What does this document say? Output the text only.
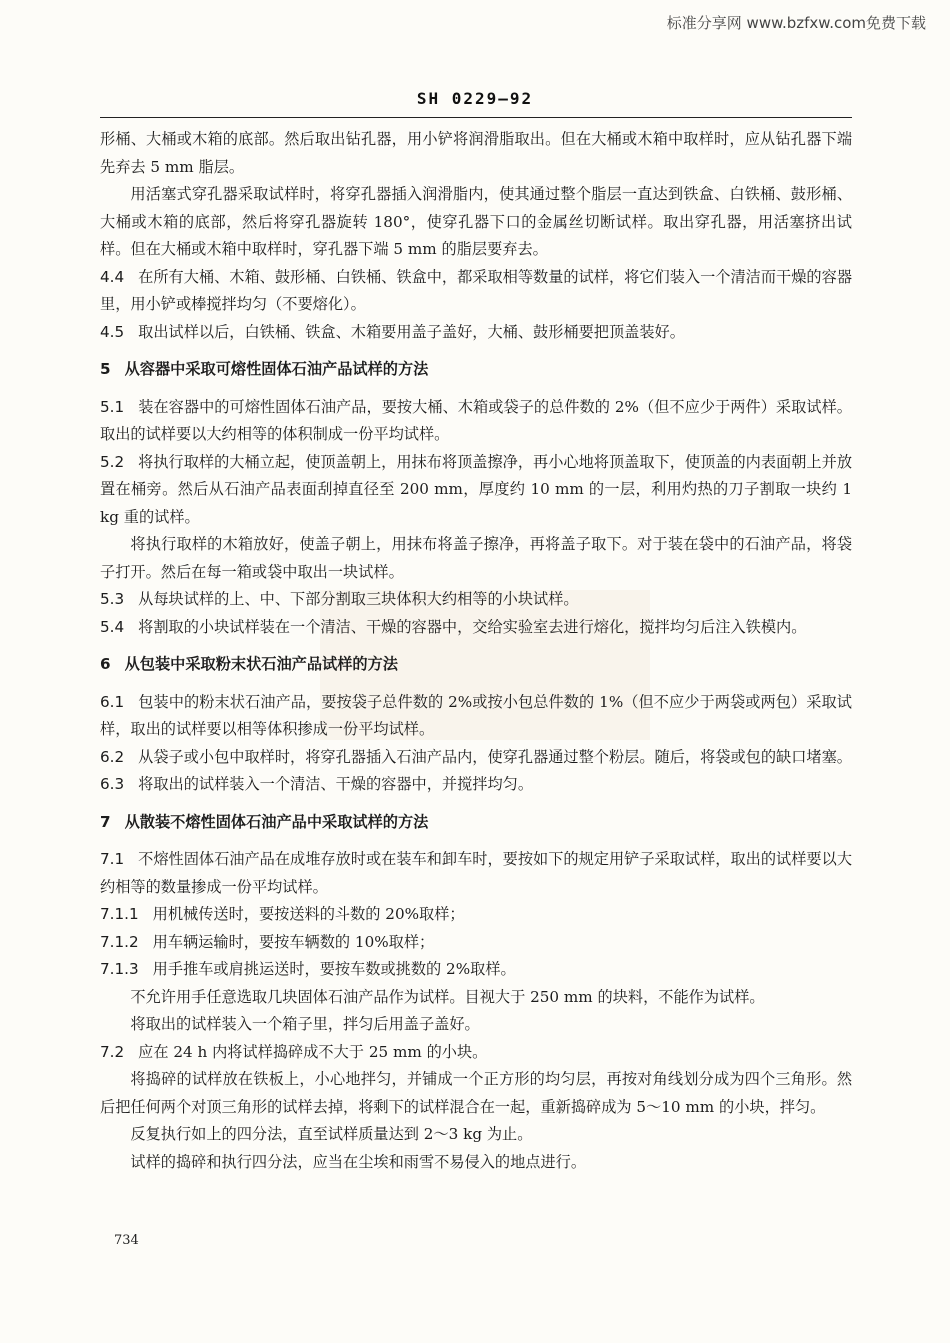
标准分享网 www.bzfxw.com免费下载
SH 0229—92

形桶、大桶或木箱的底部。然后取出钻孔器，用小铲将润滑脂取出。但在大桶或木箱中取样时，应从钻孔器下端先弃去 5 mm 脂层。

用活塞式穿孔器采取试样时，将穿孔器插入润滑脂内，使其通过整个脂层一直达到铁盒、白铁桶、鼓形桶、大桶或木箱的底部，然后将穿孔器旋转 180°，使穿孔器下口的金属丝切断试样。取出穿孔器，用活塞挤出试样。但在大桶或木箱中取样时，穿孔器下端 5 mm 的脂层要弃去。

4.4 在所有大桶、木箱、鼓形桶、白铁桶、铁盒中，都采取相等数量的试样，将它们装入一个清洁而干燥的容器里，用小铲或棒搅拌均匀（不要熔化）。

4.5 取出试样以后，白铁桶、铁盒、木箱要用盖子盖好，大桶、鼓形桶要把顶盖装好。

5 从容器中采取可熔性固体石油产品试样的方法

5.1 装在容器中的可熔性固体石油产品，要按大桶、木箱或袋子的总件数的 2%（但不应少于两件）采取试样。取出的试样要以大约相等的体积制成一份平均试样。

5.2 将执行取样的大桶立起，使顶盖朝上，用抹布将顶盖擦净，再小心地将顶盖取下，使顶盖的内表面朝上并放置在桶旁。然后从石油产品表面刮掉直径至 200 mm，厚度约 10 mm 的一层，利用灼热的刀子割取一块约 1 kg 重的试样。

将执行取样的木箱放好，使盖子朝上，用抹布将盖子擦净，再将盖子取下。对于装在袋中的石油产品，将袋子打开。然后在每一箱或袋中取出一块试样。

5.3 从每块试样的上、中、下部分割取三块体积大约相等的小块试样。

5.4 将割取的小块试样装在一个清洁、干燥的容器中，交给实验室去进行熔化，搅拌均匀后注入铁模内。

6 从包装中采取粉末状石油产品试样的方法

6.1 包装中的粉末状石油产品，要按袋子总件数的 2%或按小包总件数的 1%（但不应少于两袋或两包）采取试样，取出的试样要以相等体积掺成一份平均试样。

6.2 从袋子或小包中取样时，将穿孔器插入石油产品内，使穿孔器通过整个粉层。随后，将袋或包的缺口堵塞。

6.3 将取出的试样装入一个清洁、干燥的容器中，并搅拌均匀。

7 从散装不熔性固体石油产品中采取试样的方法

7.1 不熔性固体石油产品在成堆存放时或在装车和卸车时，要按如下的规定用铲子采取试样，取出的试样要以大约相等的数量掺成一份平均试样。

7.1.1 用机械传送时，要按送料的斗数的 20%取样；

7.1.2 用车辆运输时，要按车辆数的 10%取样；

7.1.3 用手推车或肩挑运送时，要按车数或挑数的 2%取样。

不允许用手任意选取几块固体石油产品作为试样。目视大于 250 mm 的块料，不能作为试样。

将取出的试样装入一个箱子里，拌匀后用盖子盖好。

7.2 应在 24 h 内将试样捣碎成不大于 25 mm 的小块。

将捣碎的试样放在铁板上，小心地拌匀，并铺成一个正方形的均匀层，再按对角线划分成为四个三角形。然后把任何两个对顶三角形的试样去掉，将剩下的试样混合在一起，重新捣碎成为 5～10 mm 的小块，拌匀。

反复执行如上的四分法，直至试样质量达到 2～3 kg 为止。

试样的捣碎和执行四分法，应当在尘埃和雨雪不易侵入的地点进行。

734
